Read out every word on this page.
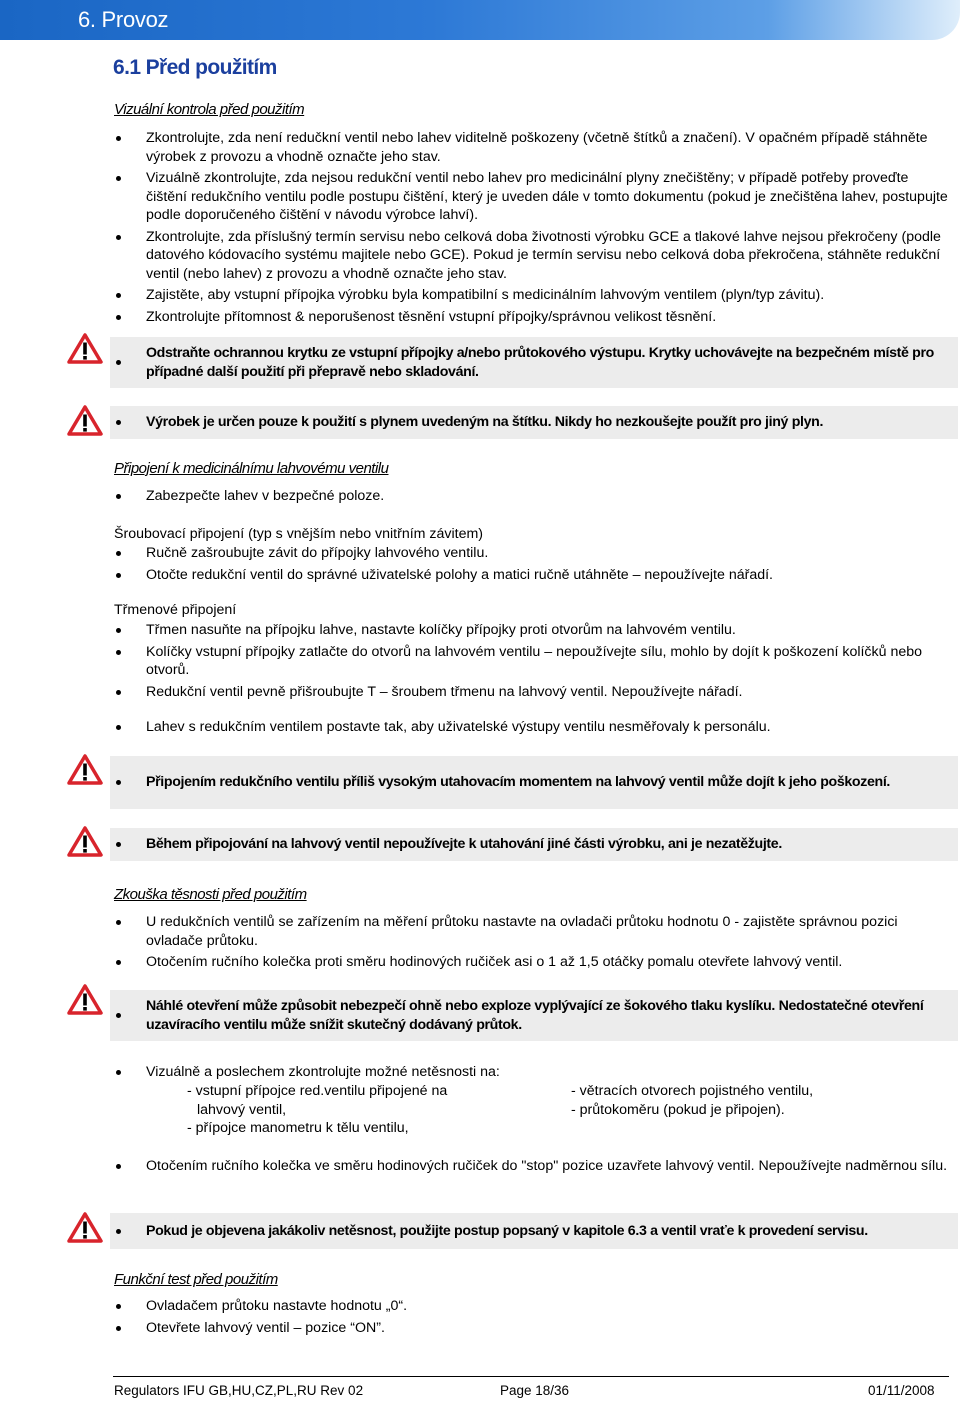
6. Provoz
6.1 Před použitím
Vizuální kontrola před použitím
Zkontrolujte, zda není redučkní ventil nebo lahev viditelně poškozeny (včetně štítků a značení). V opačném případě stáhněte výrobek z provozu a vhodně označte jeho stav.
Vizuálně zkontrolujte, zda nejsou redukční ventil nebo lahev pro medicinální plyny znečištěny; v případě potřeby proveďte čištění redukčního ventilu podle postupu čištění, který je uveden dále v tomto dokumentu (pokud je znečištěna lahev, postupujte podle doporučeného čištění v návodu výrobce lahví).
Zkontrolujte, zda příslušný termín servisu nebo celková doba životnosti výrobku GCE a tlakové lahve nejsou překročeny (podle datového kódovacího systému majitele nebo GCE). Pokud je termín servisu nebo celková doba překročena, stáhněte redukční ventil (nebo lahev) z provozu a vhodně označte jeho stav.
Zajistěte, aby vstupní přípojka výrobku byla kompatibilní s medicinálním lahvovým ventilem (plyn/typ závitu).
Zkontrolujte přítomnost & neporušenost těsnění vstupní přípojky/správnou velikost těsnění.
Odstraňte ochrannou krytku ze vstupní přípojky a/nebo průtokového výstupu. Krytky uchovávejte na bezpečném místě pro případné další použití při přepravě nebo skladování.
Výrobek je určen pouze k použití s plynem uvedeným na štítku. Nikdy ho nezkoušejte použít pro jiný plyn.
Připojení k medicinálnímu lahvovému ventilu
Zabezpečte lahev v bezpečné poloze.
Šroubovací připojení (typ s vnějším nebo vnitřním závitem)
Ručně zašroubujte závit do přípojky lahvového ventilu.
Otočte redukční ventil do správné uživatelské polohy a matici ručně utáhněte – nepoužívejte nářadí.
Třmenové připojení
Třmen nasuňte na přípojku lahve, nastavte kolíčky přípojky proti otvorům na lahvovém ventilu.
Kolíčky vstupní přípojky zatlačte do otvorů na lahvovém ventilu – nepoužívejte sílu, mohlo by dojít k poškození kolíčků nebo otvorů.
Redukční ventil pevně přišroubujte T – šroubem třmenu na lahvový ventil. Nepoužívejte nářadí.
Lahev s redukčním ventilem postavte tak, aby uživatelské výstupy ventilu nesměřovaly k personálu.
Připojením redukčního ventilu příliš vysokým utahovacím momentem na lahvový ventil může dojít k jeho poškození.
Během připojování na lahvový ventil nepoužívejte k utahování jiné části výrobku, ani je nezatěžujte.
Zkouška těsnosti před použitím
U redukčních ventilů se zařízením na měření průtoku nastavte na ovladači průtoku hodnotu 0 - zajistěte správnou pozici ovladače průtoku.
Otočením ručního kolečka proti směru hodinových ručiček asi o 1 až 1,5 otáčky pomalu otevřete lahvový ventil.
Náhlé otevření může způsobit nebezpečí ohně nebo exploze vyplývající ze šokového tlaku kyslíku. Nedostatečné otevření uzavíracího ventilu může snížit skutečný dodávaný průtok.
Vizuálně a poslechem zkontrolujte možné netěsnosti na:
- vstupní přípojce red.ventilu připojené na
lahvový ventil,
- přípojce manometru k tělu ventilu,
- větracích otvorech pojistného ventilu,
- průtokoměru (pokud je připojen).
Otočením ručního kolečka ve směru hodinových ručiček do "stop" pozice uzavřete lahvový ventil. Nepoužívejte nadměrnou sílu.
Pokud je objevena jakákoliv netěsnost, použijte postup popsaný v kapitole 6.3 a ventil vraťe k provedení servisu.
Funkční test před použitím
Ovladačem průtoku nastavte hodnotu „0“.
Otevřete lahvový ventil – pozice “ON”.
Regulators IFU GB,HU,CZ,PL,RU Rev 02	Page 18/36	01/11/2008
